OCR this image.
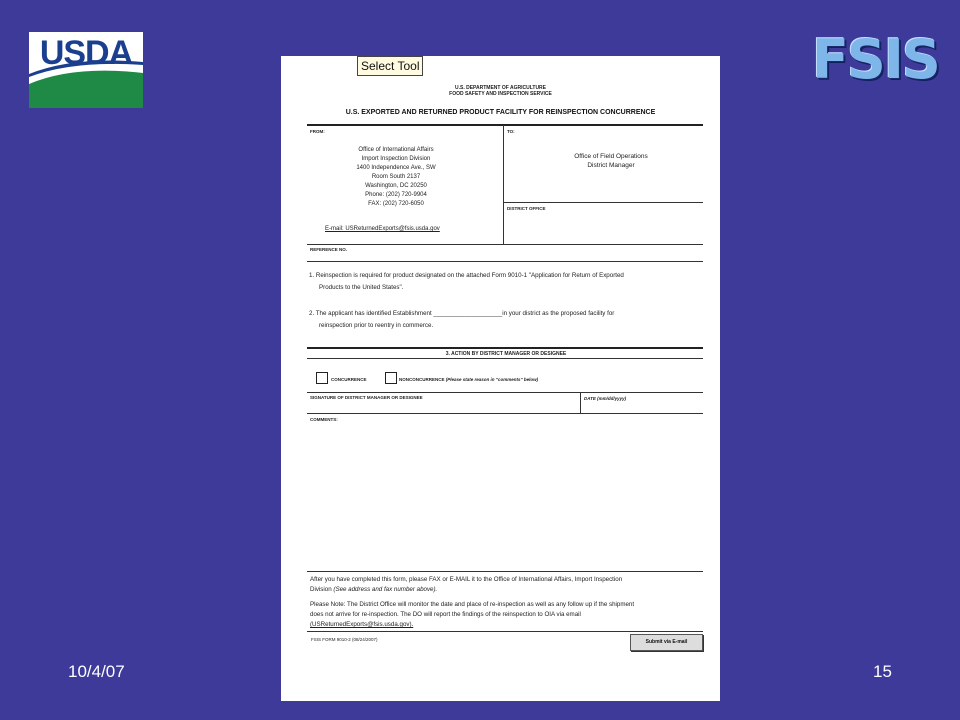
USDA	FSIS
Select Tool
U.S. DEPARTMENT OF AGRICULTURE
FOOD SAFETY AND INSPECTION SERVICE
U.S. EXPORTED AND RETURNED PRODUCT FACILITY FOR REINSPECTION CONCURRENCE
FROM:
Office of International Affairs
Import Inspection Division
1400 Independence Ave., SW
Room South 2137
Washington, DC 20250
Phone: (202) 720-9904
FAX: (202) 720-6050
E-mail: USReturnedExports@fsis.usda.gov
TO:
Office of Field Operations
District Manager
DISTRICT OFFICE
REFERENCE NO.
1. Reinspection is required for product designated on the attached Form 9010-1 "Application for Return of Exported
Products to the United States".
2. The applicant has identified Establishment ____________________in your district as the proposed facility for
reinspection prior to reentry in commerce.
3. ACTION BY DISTRICT MANAGER OR DESIGNEE
CONCURRENCE	NONCONCURRENCE (Please state reason in "comments" below)
SIGNATURE OF DISTRICT MANAGER OR DESIGNEE	DATE (mm/dd/yyyy)
COMMENTS:
After you have completed this form, please FAX or E-MAIL it to the Office of International Affairs, Import Inspection
Division (See address and fax number above).
Please Note: The District Office will monitor the date and place of re-inspection as well as any follow up if the shipment
does not arrive for re-inspection. The DO will report the findings of the reinspection to OIA via email
(USReturnedExports@fsis.usda.gov).
FSIS FORM 9010-2 (08/24/2007)	Submit via E-mail
10/4/07	15
